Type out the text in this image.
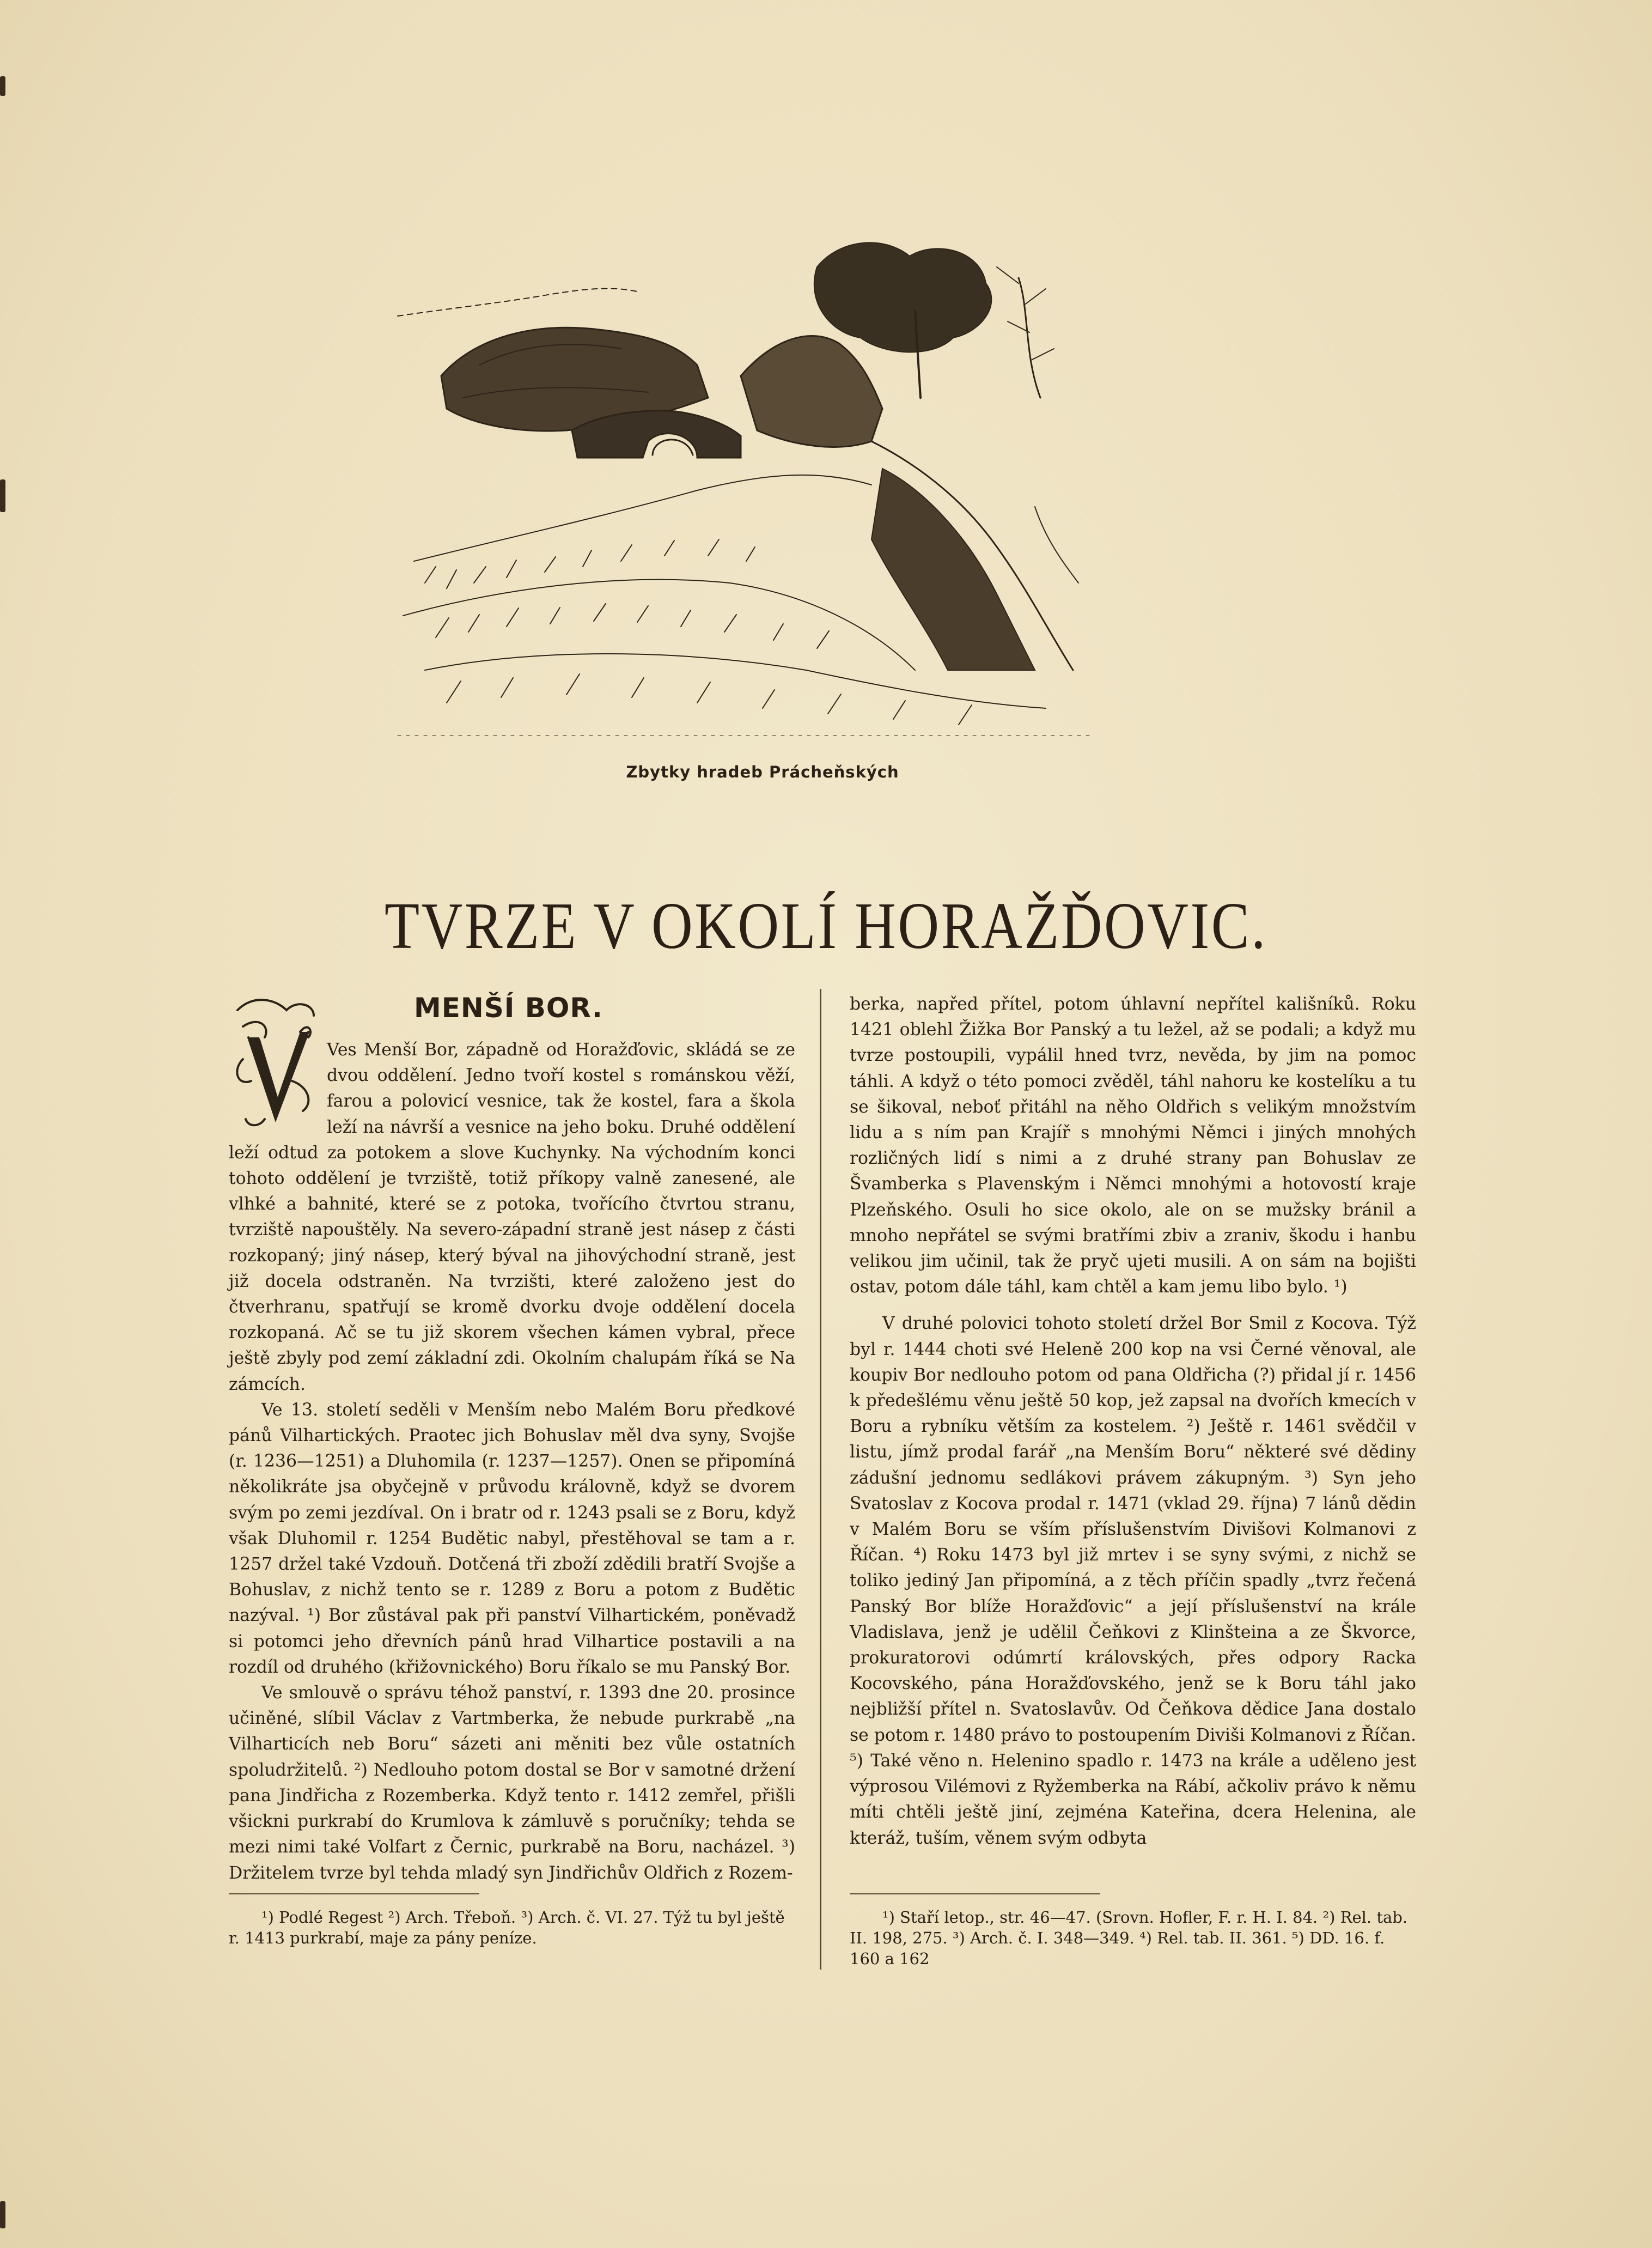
Zbytky hradeb Prácheňských
TVRZE V OKOLÍ HORAŽĎOVIC.
MENŠÍ BOR.

Ves Menší Bor, západně od Horažďovic, skládá se ze dvou oddělení. Jedno tvoří kostel s románskou věží, farou a polovicí vesnice, tak že kostel, fara a škola leží na návrší a vesnice na jeho boku. Druhé oddělení leží odtud za potokem a slove Kuchynky. Na východním konci tohoto oddělení je tvrziště, totiž příkopy valně zanesené, ale vlhké a bahnité, které se z potoka, tvořícího čtvrtou stranu, tvrziště napouštěly. Na severo-západní straně jest násep z části rozkopaný; jiný násep, který býval na jihovýchodní straně, jest již docela odstraněn. Na tvrzišti, které založeno jest do čtverhranu, spatřují se kromě dvorku dvoje oddělení docela rozkopaná. Ač se tu již skorem všechen kámen vybral, přece ještě zbyly pod zemí základní zdi. Okolním chalupám říká se Na zámcích.

Ve 13. století seděli v Menším nebo Malém Boru předkové pánů Vilhartických. Praotec jich Bohuslav měl dva syny, Svojše (r. 1236—1251) a Dluhomila (r. 1237—1257). Onen se připomíná několikráte jsa obyčejně v průvodu královně, když se dvorem svým po zemi jezdíval. On i bratr od r. 1243 psali se z Boru, když však Dluhomil r. 1254 Budětic nabyl, přestěhoval se tam a r. 1257 držel také Vzdouň. Dotčená tři zboží zdědili bratří Svojše a Bohuslav, z nichž tento se r. 1289 z Boru a potom z Budětic nazýval. ¹) Bor zůstával pak při panství Vilhartickém, poněvadž si potomci jeho dřevních pánů hrad Vilhartice postavili a na rozdíl od druhého (křižovnického) Boru říkalo se mu Panský Bor.

Ve smlouvě o správu téhož panství, r. 1393 dne 20. prosince učiněné, slíbil Václav z Vartmberka, že nebude purkrabě „na Vilharticích neb Boru“ sázeti ani měniti bez vůle ostatních spoludržitelů. ²) Nedlouho potom dostal se Bor v samotné držení pana Jindřicha z Rozemberka. Když tento r. 1412 zemřel, přišli všickni purkrabí do Krumlova k zámluvě s poručníky; tehda se mezi nimi také Volfart z Černic, purkrabě na Boru, nacházel. ³) Držitelem tvrze byl tehda mladý syn Jindřichův Oldřich z Rozem-

berka, napřed přítel, potom úhlavní nepřítel kališníků. Roku 1421 oblehl Žižka Bor Panský a tu ležel, až se podali; a když mu tvrze postoupili, vypálil hned tvrz, nevěda, by jim na pomoc táhli. A když o této pomoci zvěděl, táhl nahoru ke kostelíku a tu se šikoval, neboť přitáhl na něho Oldřich s velikým množstvím lidu a s ním pan Krajíř s mnohými Němci i jiných mnohých rozličných lidí s nimi a z druhé strany pan Bohuslav ze Švamberka s Plavenským i Němci mnohými a hotovostí kraje Plzeňského. Osuli ho sice okolo, ale on se mužsky bránil a mnoho nepřátel se svými bratřími zbiv a zraniv, škodu i hanbu velikou jim učinil, tak že pryč ujeti musili. A on sám na bojišti ostav, potom dále táhl, kam chtěl a kam jemu libo bylo. ¹)

V druhé polovici tohoto století držel Bor Smil z Kocova. Týž byl r. 1444 choti své Heleně 200 kop na vsi Černé věnoval, ale koupiv Bor nedlouho potom od pana Oldřicha (?) přidal jí r. 1456 k předešlému věnu ještě 50 kop, jež zapsal na dvořích kmecích v Boru a rybníku větším za kostelem. ²) Ještě r. 1461 svědčil v listu, jímž prodal farář „na Menším Boru“ některé své dědiny zádušní jednomu sedlákovi právem zákupným. ³) Syn jeho Svatoslav z Kocova prodal r. 1471 (vklad 29. října) 7 lánů dědin v Malém Boru se vším příslušenstvím Divišovi Kolmanovi z Říčan. ⁴) Roku 1473 byl již mrtev i se syny svými, z nichž se toliko jediný Jan připomíná, a z těch příčin spadly „tvrz řečená Panský Bor blíže Horažďovic“ a její příslušenství na krále Vladislava, jenž je udělil Čeňkovi z Klinšteina a ze Škvorce, prokuratorovi odúmrtí královských, přes odpory Racka Kocovského, pána Horažďovského, jenž se k Boru táhl jako nejbližší přítel n. Svatoslavův. Od Čeňkova dědice Jana dostalo se potom r. 1480 právo to postoupením Diviši Kolmanovi z Říčan. ⁵) Také věno n. Helenino spadlo r. 1473 na krále a uděleno jest výprosou Vilémovi z Ryžemberka na Rábí, ačkoliv právo k němu míti chtěli ještě jiní, zejména Kateřina, dcera Helenina, ale kteráž, tuším, věnem svým odbyta

¹) Podlé Regest ²) Arch. Třeboň. ³) Arch. č. VI. 27. Týž tu byl ještě r. 1413 purkrabí, maje za pány peníze.
¹) Staří letop., str. 46—47. (Srovn. Hofler, F. r. H. I. 84. ²) Rel. tab. II. 198, 275. ³) Arch. č. I. 348—349. ⁴) Rel. tab. II. 361. ⁵) DD. 16. f. 160 a 162
